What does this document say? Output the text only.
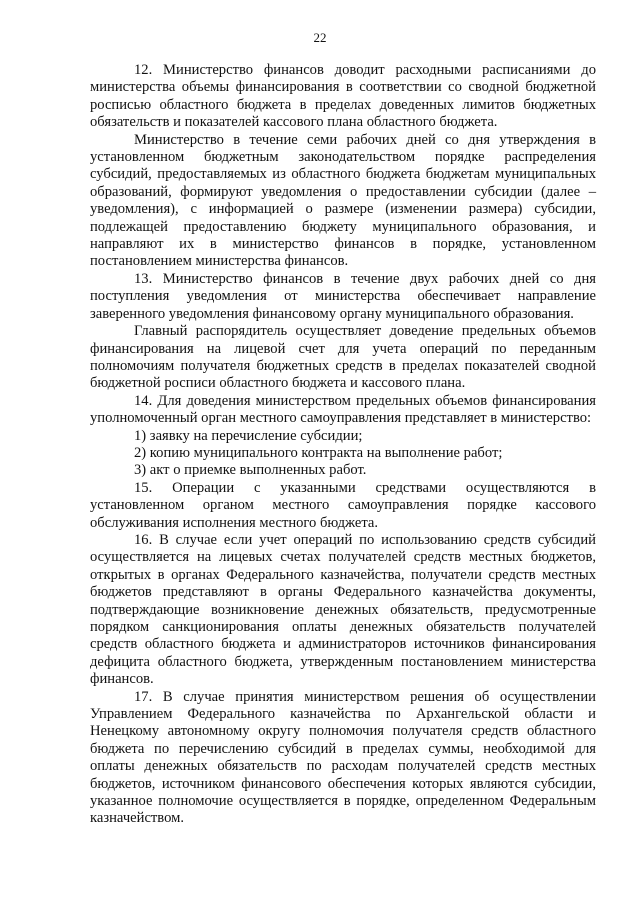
22

12. Министерство финансов доводит расходными расписаниями до министерства объемы финансирования в соответствии со сводной бюджетной росписью областного бюджета в пределах доведенных лимитов бюджетных обязательств и показателей кассового плана областного бюджета.

Министерство в течение семи рабочих дней со дня утверждения в установленном бюджетным законодательством порядке распределения субсидий, предоставляемых из областного бюджета бюджетам муниципальных образований, формируют уведомления о предоставлении субсидии (далее – уведомления), с информацией о размере (изменении размера) субсидии, подлежащей предоставлению бюджету муниципального образования, и направляют их в министерство финансов в порядке, установленном постановлением министерства финансов.

13. Министерство финансов в течение двух рабочих дней со дня поступления уведомления от министерства обеспечивает направление заверенного уведомления финансовому органу муниципального образования.

Главный распорядитель осуществляет доведение предельных объемов финансирования на лицевой счет для учета операций по переданным полномочиям получателя бюджетных средств в пределах показателей сводной бюджетной росписи областного бюджета и кассового плана.

14. Для доведения министерством предельных объемов финансирования уполномоченный орган местного самоуправления представляет в министерство:

1) заявку на перечисление субсидии;

2) копию муниципального контракта на выполнение работ;

3) акт о приемке выполненных работ.

15. Операции с указанными средствами осуществляются в установленном органом местного самоуправления порядке кассового обслуживания исполнения местного бюджета.

16. В случае если учет операций по использованию средств субсидий осуществляется на лицевых счетах получателей средств местных бюджетов, открытых в органах Федерального казначейства, получатели средств местных бюджетов представляют в органы Федерального казначейства документы, подтверждающие возникновение денежных обязательств, предусмотренные порядком санкционирования оплаты денежных обязательств получателей средств областного бюджета и администраторов источников финансирования дефицита областного бюджета, утвержденным постановлением министерства финансов.

17. В случае принятия министерством решения об осуществлении Управлением Федерального казначейства по Архангельской области и Ненецкому автономному округу полномочия получателя средств областного бюджета по перечислению субсидий в пределах суммы, необходимой для оплаты денежных обязательств по расходам получателей средств местных бюджетов, источником финансового обеспечения которых являются субсидии, указанное полномочие осуществляется в порядке, определенном Федеральным казначейством.
